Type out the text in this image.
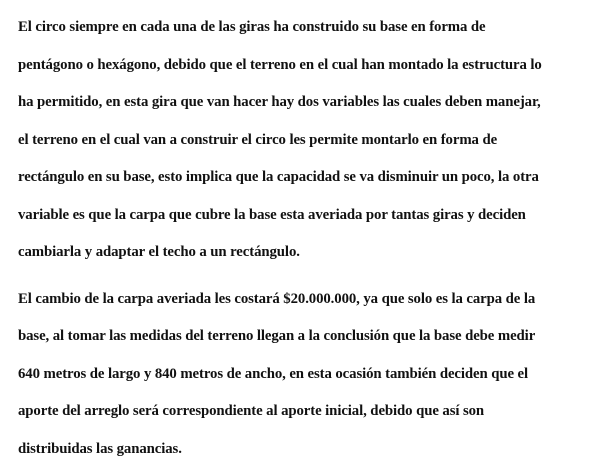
El circo siempre en cada una de las giras ha construido su base en forma de
pentágono o hexágono, debido que el terreno en el cual han montado la estructura lo
ha permitido, en esta gira que van hacer hay dos variables las cuales deben manejar,
el terreno en el cual van a construir el circo les permite montarlo en forma de
rectángulo en su base, esto implica que la capacidad se va disminuir un poco, la otra
variable es que la carpa que cubre la base esta averiada por tantas giras y deciden
cambiarla y adaptar el techo a un rectángulo.
El cambio de la carpa averiada les costará $20.000.000, ya que solo es la carpa de la
base, al tomar las medidas del terreno llegan a la conclusión que la base debe medir
640 metros de largo y 840 metros de ancho, en esta ocasión también deciden que el
aporte del arreglo será correspondiente al aporte inicial, debido que así son
distribuidas las ganancias.
